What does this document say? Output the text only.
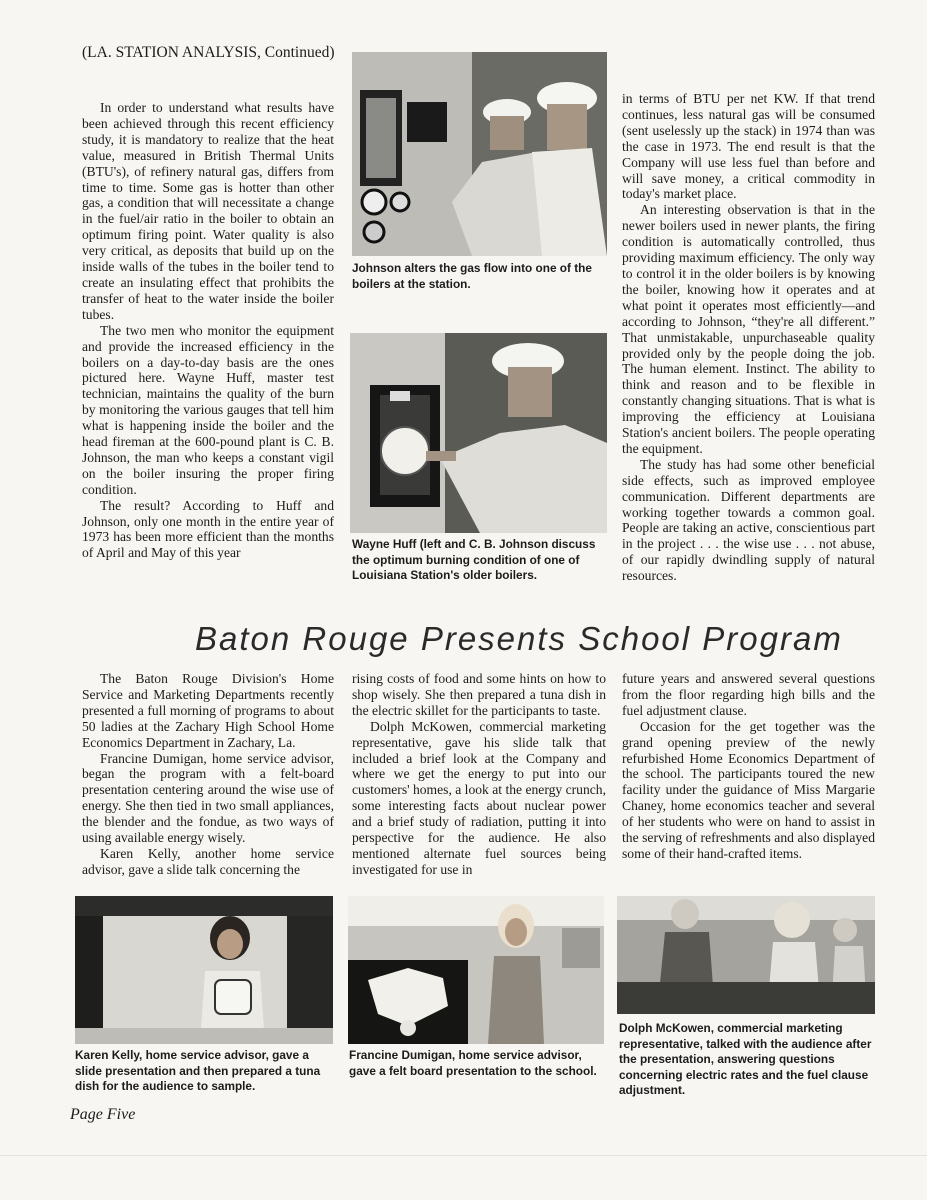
(LA. STATION ANALYSIS, Continued)

In order to understand what results have been achieved through this recent efficiency study, it is mandatory to realize that the heat value, measured in British Thermal Units (BTU's), of refinery natural gas, differs from time to time. Some gas is hotter than other gas, a condition that will necessitate a change in the fuel/air ratio in the boiler to obtain an optimum firing point. Water quality is also very critical, as deposits that build up on the inside walls of the tubes in the boiler tend to create an insulating effect that prohibits the transfer of heat to the water inside the boiler tubes.

The two men who monitor the equipment and provide the increased efficiency in the boilers on a day-to-day basis are the ones pictured here. Wayne Huff, master test technician, maintains the quality of the burn by monitoring the various gauges that tell him what is happening inside the boiler and the head fireman at the 600-pound plant is C. B. Johnson, the man who keeps a constant vigil on the boiler insuring the proper firing condition.

The result? According to Huff and Johnson, only one month in the entire year of 1973 has been more efficient than the months of April and May of this year

Johnson alters the gas flow into one of the boilers at the station.
Wayne Huff (left and C. B. Johnson discuss the optimum burning condition of one of Louisiana Station's older boilers.

in terms of BTU per net KW. If that trend continues, less natural gas will be consumed (sent uselessly up the stack) in 1974 than was the case in 1973. The end result is that the Company will use less fuel than before and will save money, a critical commodity in today's market place.

An interesting observation is that in the newer boilers used in newer plants, the firing condition is automatically controlled, thus providing maximum efficiency. The only way to control it in the older boilers is by knowing the boiler, knowing how it operates and at what point it operates most efficiently—and according to Johnson, “they're all different.” That unmistakable, unpurchaseable quality provided only by the people doing the job. The human element. Instinct. The ability to think and reason and to be flexible in constantly changing situations. That is what is improving the efficiency at Louisiana Station's ancient boilers. The people operating the equipment.

The study has had some other beneficial side effects, such as improved employee communication. Different departments are working together towards a common goal. People are taking an active, conscientious part in the project . . . the wise use . . . not abuse, of our rapidly dwindling supply of natural resources.

Baton Rouge Presents School Program

The Baton Rouge Division's Home Service and Marketing Departments recently presented a full morning of programs to about 50 ladies at the Zachary High School Home Economics Department in Zachary, La.

Francine Dumigan, home service advisor, began the program with a felt-board presentation centering around the wise use of energy. She then tied in two small appliances, the blender and the fondue, as two ways of using available energy wisely.

Karen Kelly, another home service advisor, gave a slide talk concerning the

rising costs of food and some hints on how to shop wisely. She then prepared a tuna dish in the electric skillet for the participants to taste.

Dolph McKowen, commercial marketing representative, gave his slide talk that included a brief look at the Company and where we get the energy to put into our customers' homes, a look at the energy crunch, some interesting facts about nuclear power and a brief study of radiation, putting it into perspective for the audience. He also mentioned alternate fuel sources being investigated for use in

future years and answered several questions from the floor regarding high bills and the fuel adjustment clause.

Occasion for the get together was the grand opening preview of the newly refurbished Home Economics Department of the school. The participants toured the new facility under the guidance of Miss Margarie Chaney, home economics teacher and several of her students who were on hand to assist in the serving of refreshments and also displayed some of their hand-crafted items.

Karen Kelly, home service advisor, gave a slide presentation and then prepared a tuna dish for the audience to sample.
Francine Dumigan, home service advisor, gave a felt board presentation to the school.
Dolph McKowen, commercial marketing representative, talked with the audience after the presentation, answering questions concerning electric rates and the fuel clause adjustment.
Page Five
